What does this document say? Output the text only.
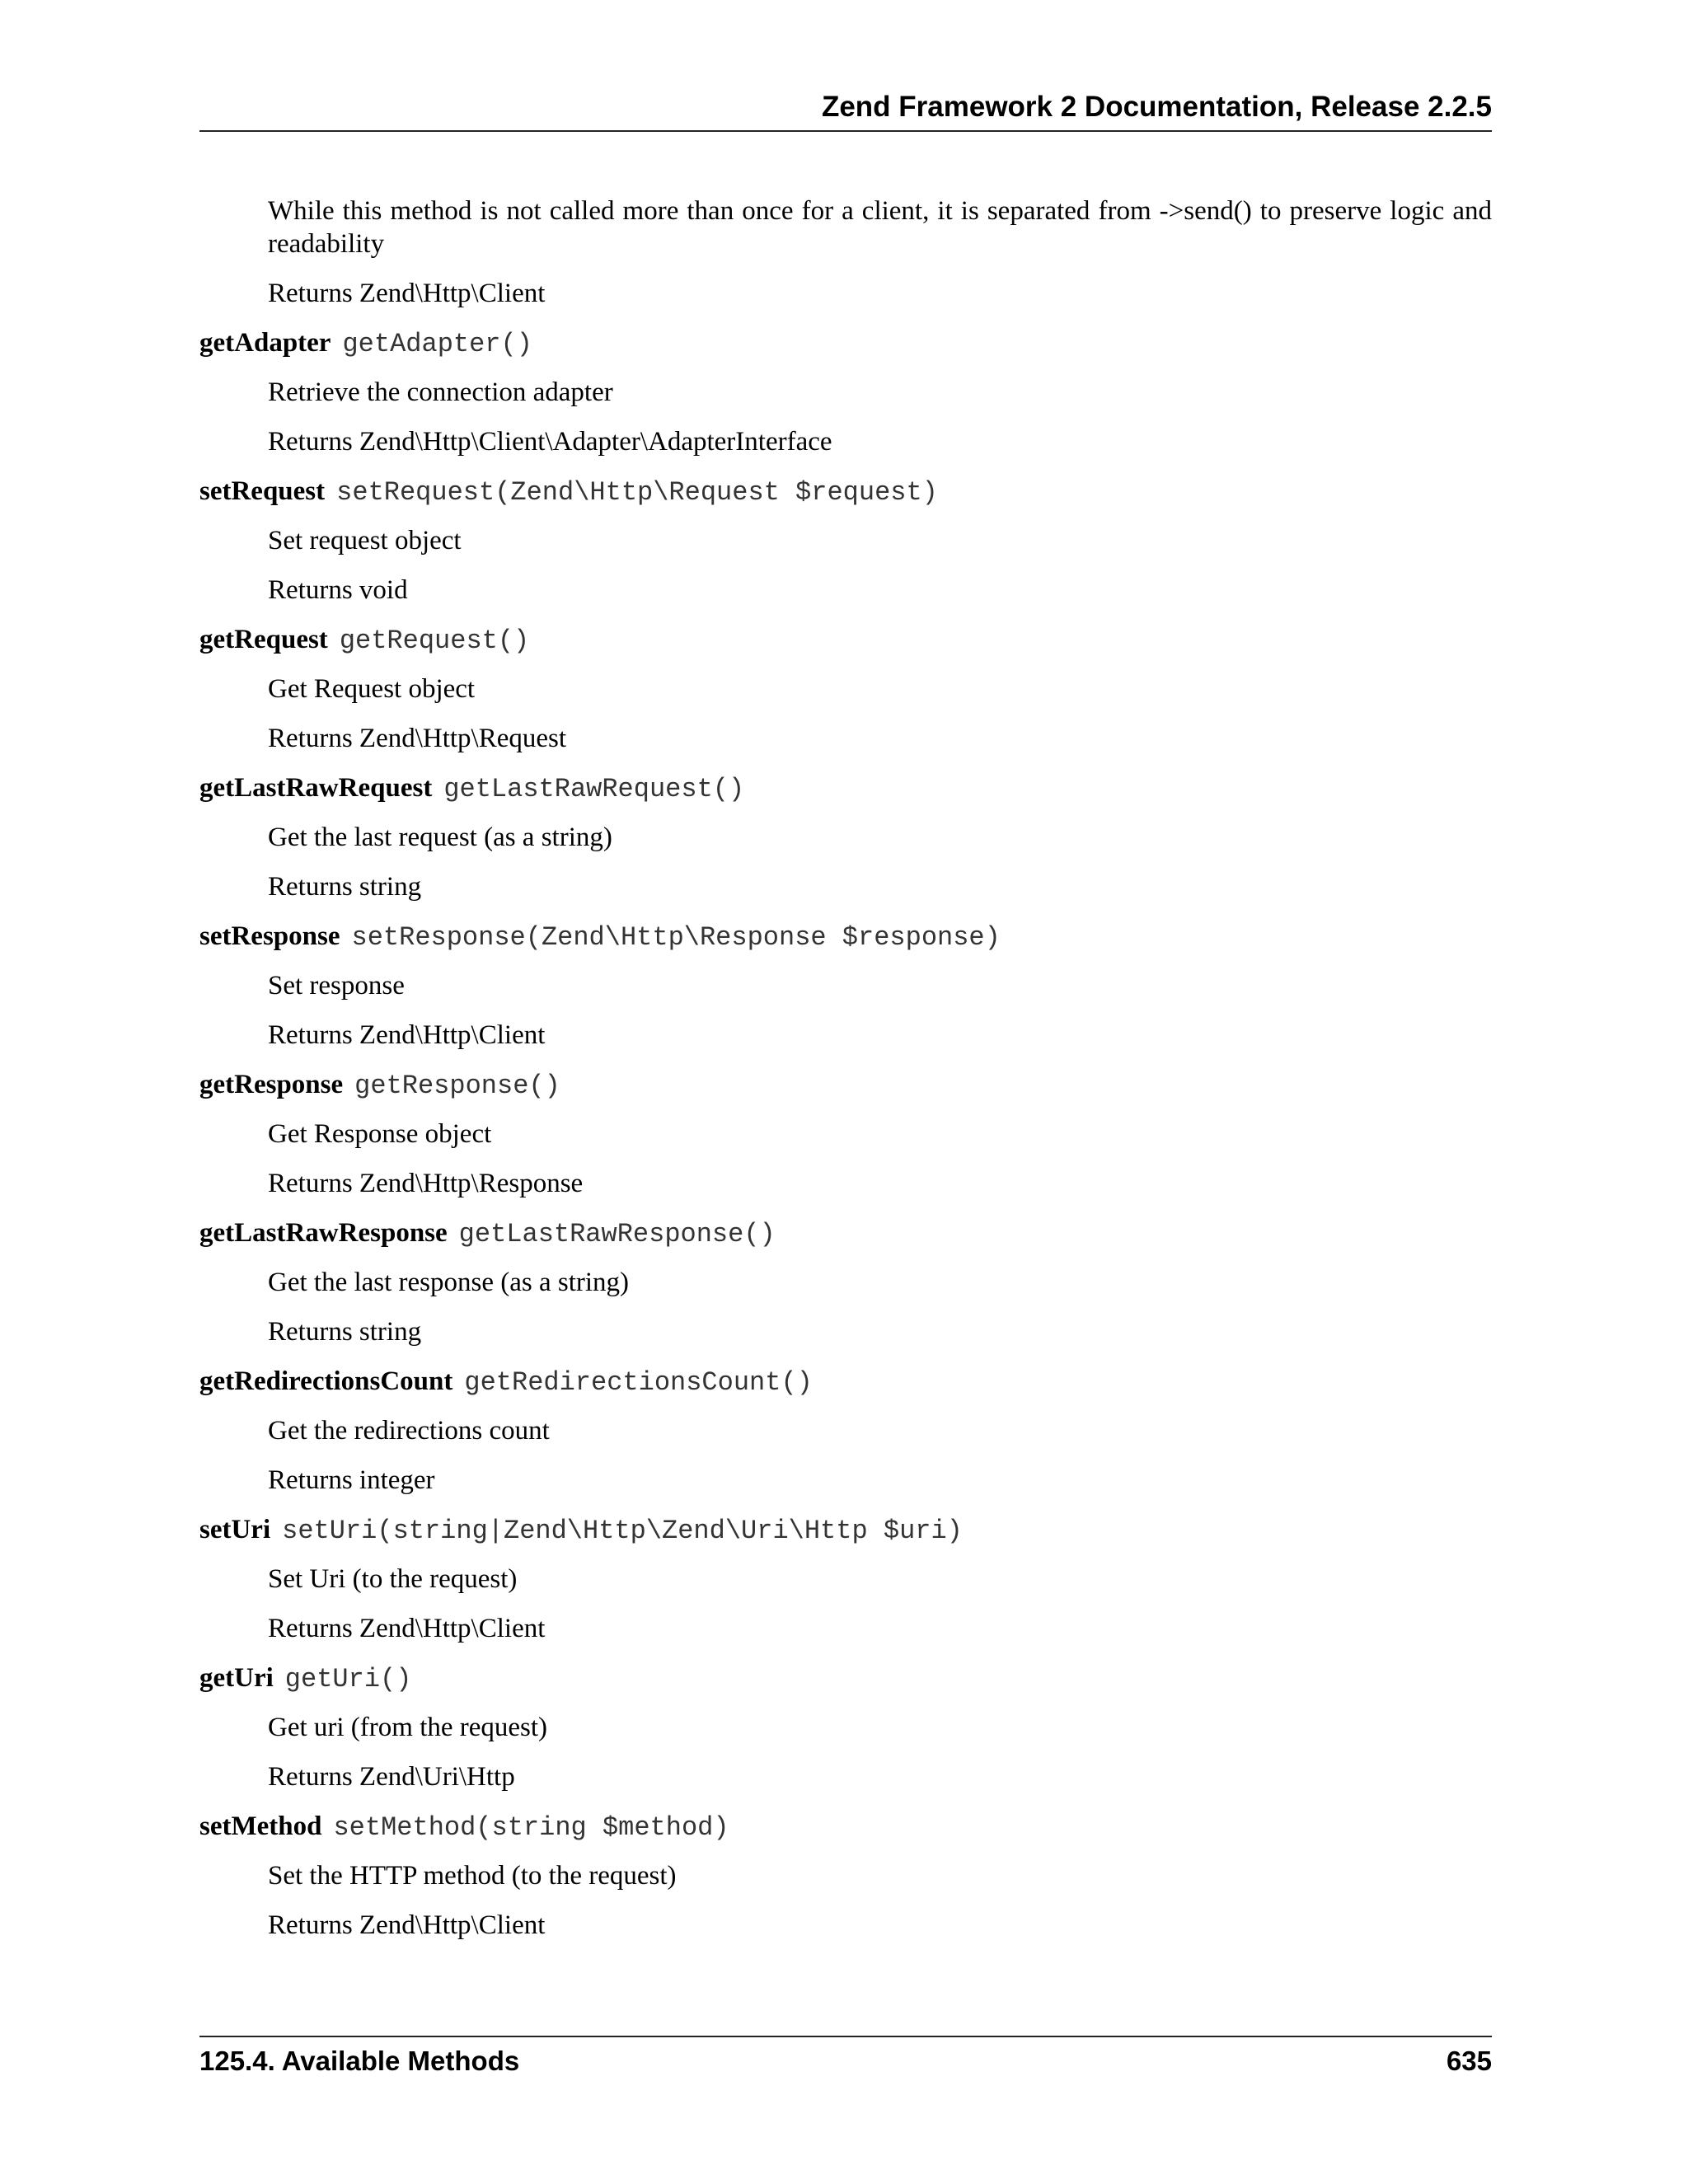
Zend Framework 2 Documentation, Release 2.2.5
While this method is not called more than once for a client, it is separated from ->send() to preserve logic and readability
Returns Zend\Http\Client
getAdapter getAdapter()
Retrieve the connection adapter
Returns Zend\Http\Client\Adapter\AdapterInterface
setRequest setRequest(Zend\Http\Request $request)
Set request object
Returns void
getRequest getRequest()
Get Request object
Returns Zend\Http\Request
getLastRawRequest getLastRawRequest()
Get the last request (as a string)
Returns string
setResponse setResponse(Zend\Http\Response $response)
Set response
Returns Zend\Http\Client
getResponse getResponse()
Get Response object
Returns Zend\Http\Response
getLastRawResponse getLastRawResponse()
Get the last response (as a string)
Returns string
getRedirectionsCount getRedirectionsCount()
Get the redirections count
Returns integer
setUri setUri(string|Zend\Http\Zend\Uri\Http $uri)
Set Uri (to the request)
Returns Zend\Http\Client
getUri getUri()
Get uri (from the request)
Returns Zend\Uri\Http
setMethod setMethod(string $method)
Set the HTTP method (to the request)
Returns Zend\Http\Client
125.4. Available Methods	635
